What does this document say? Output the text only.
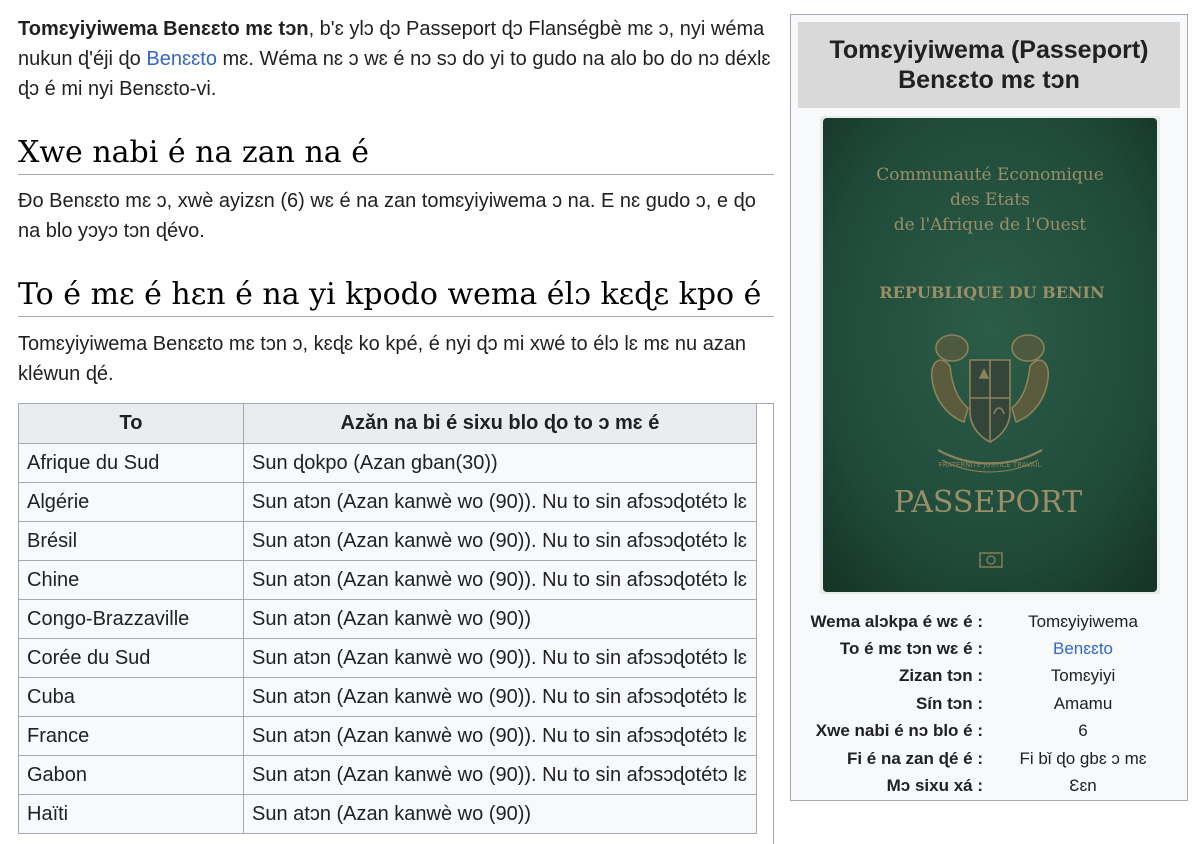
Tomɛyiyiwema Benɛɛto mɛ tɔn, b'ɛ ylɔ ɖɔ Passeport ɖɔ Flanségbè mɛ ɔ, nyi wéma nukun ɖ'éji ɖo Benɛɛto mɛ. Wéma nɛ ɔ wɛ é nɔ sɔ do yi to gudo na alo bo do nɔ déxlɛ ɖɔ é mi nyi Benɛɛto-vi.

Xwe nabi é na zan na é

Ɖo Benɛɛto mɛ ɔ, xwè ayizɛn (6) wɛ é na zan tomɛyiyiwema ɔ na. E nɛ gudo ɔ, e ɖo na blo yɔyɔ tɔn ɖévo.

To é mɛ é hɛn é na yi kpodo wema élɔ kɛɖɛ kpo é

Tomɛyiyiwema Benɛɛto mɛ tɔn ɔ, kɛɖɛ ko kpé, é nyi ɖɔ mi xwé to élɔ lɛ mɛ nu azan kléwun ɖé.

To	Azǎn na bi é sixu blo ɖo to ɔ mɛ é
Afrique du Sud	Sun ɖokpo (Azan gban(30))
Algérie	Sun atɔn (Azan kanwè wo (90)). Nu to sin afɔsɔɖotétɔ lɛ
Brésil	Sun atɔn (Azan kanwè wo (90)). Nu to sin afɔsɔɖotétɔ lɛ
Chine	Sun atɔn (Azan kanwè wo (90)). Nu to sin afɔsɔɖotétɔ lɛ
Congo-Brazzaville	Sun atɔn (Azan kanwè wo (90))
Corée du Sud	Sun atɔn (Azan kanwè wo (90)). Nu to sin afɔsɔɖotétɔ lɛ
Cuba	Sun atɔn (Azan kanwè wo (90)). Nu to sin afɔsɔɖotétɔ lɛ
France	Sun atɔn (Azan kanwè wo (90)). Nu to sin afɔsɔɖotétɔ lɛ
Gabon	Sun atɔn (Azan kanwè wo (90)). Nu to sin afɔsɔɖotétɔ lɛ
Haïti	Sun atɔn (Azan kanwè wo (90))
Tomɛyiyiwema (Passeport)
Benɛɛto mɛ tɔn
Communauté Economique
des Etats
de l'Afrique de l'Ouest
REPUBLIQUE DU BENIN
PASSEPORT
FRATERNITE JUSTICE TRAVAIL
Wema alɔkpa é wɛ é :	Tomɛyiyiwema
To é mɛ tɔn wɛ é :	Benɛɛto
Zizan tɔn :	Tomɛyiyi
Sín tɔn :	Amamu
Xwe nabi é nɔ blo é :	6
Fi é na zan ɖé é :	Fi bǐ ɖo gbɛ ɔ mɛ
Mɔ sixu xá :	Ɛɛn
